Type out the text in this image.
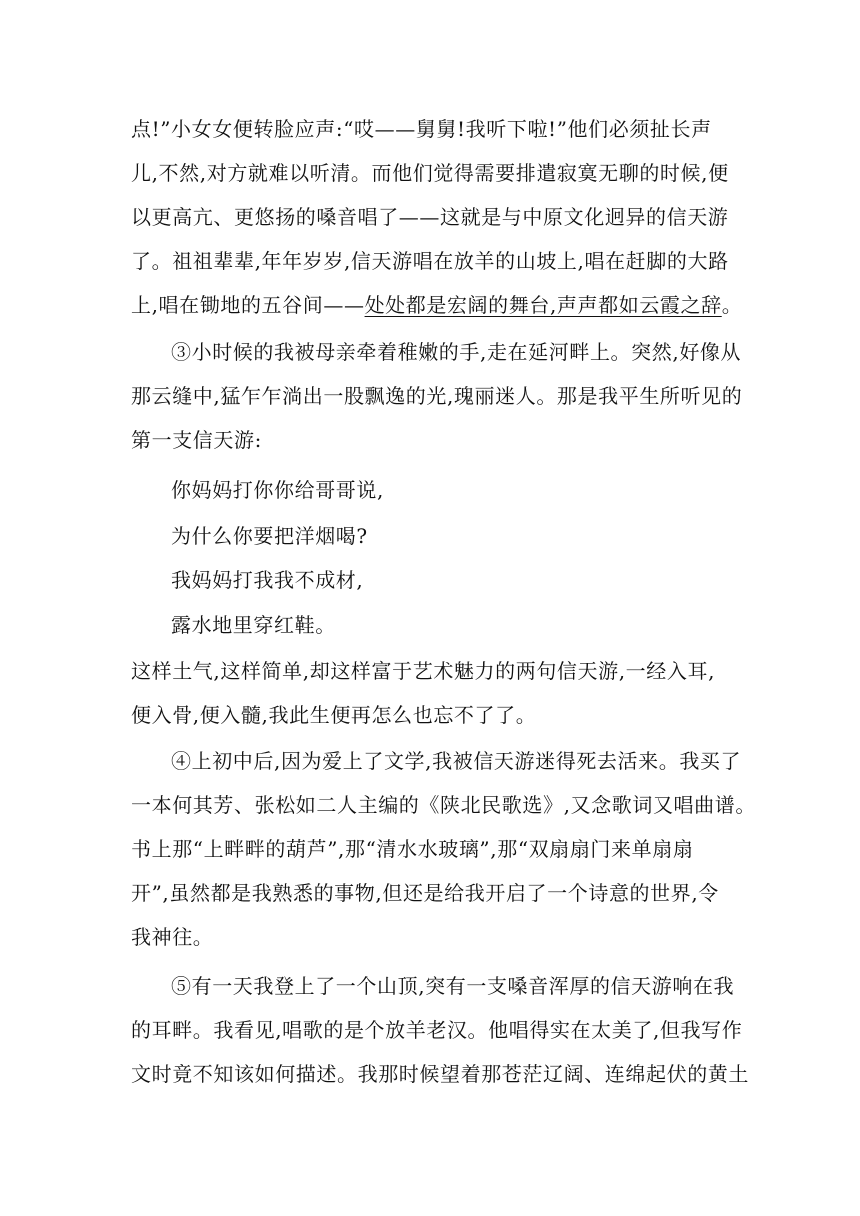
点!”小女女便转脸应声:“哎——舅舅!我听下啦!”他们必须扯长声
儿,不然,对方就难以听清。而他们觉得需要排遣寂寞无聊的时候,便
以更高亢、更悠扬的嗓音唱了——这就是与中原文化迥异的信天游
了。祖祖辈辈,年年岁岁,信天游唱在放羊的山坡上,唱在赶脚的大路
上,唱在锄地的五谷间——处处都是宏阔的舞台,声声都如云霞之辞。
③小时候的我被母亲牵着稚嫩的手,走在延河畔上。突然,好像从
那云缝中,猛乍乍淌出一股飘逸的光,瑰丽迷人。那是我平生所听见的
第一支信天游:
你妈妈打你你给哥哥说,
为什么你要把洋烟喝?
我妈妈打我我不成材,
露水地里穿红鞋。
这样土气,这样简单,却这样富于艺术魅力的两句信天游,一经入耳,
便入骨,便入髓,我此生便再怎么也忘不了了。
④上初中后,因为爱上了文学,我被信天游迷得死去活来。我买了
一本何其芳、张松如二人主编的《陕北民歌选》,又念歌词又唱曲谱。
书上那“上畔畔的葫芦”,那“清水水玻璃”,那“双扇扇门来单扇扇
开”,虽然都是我熟悉的事物,但还是给我开启了一个诗意的世界,令
我神往。
⑤有一天我登上了一个山顶,突有一支嗓音浑厚的信天游响在我
的耳畔。我看见,唱歌的是个放羊老汉。他唱得实在太美了,但我写作
文时竟不知该如何描述。我那时候望着那苍茫辽阔、连绵起伏的黄土
